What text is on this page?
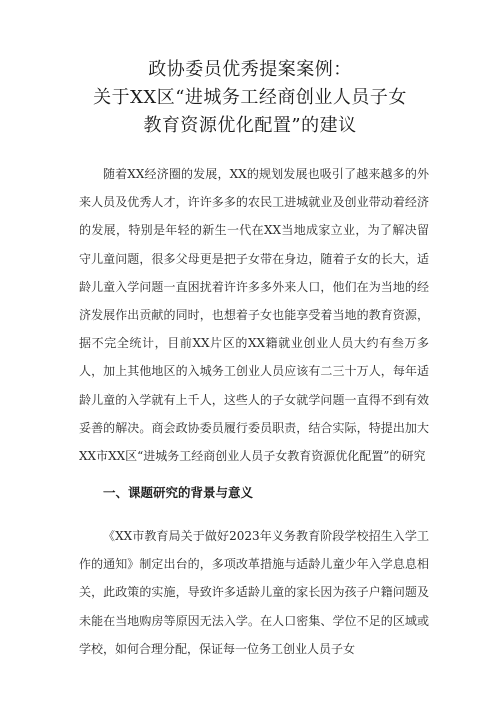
政协委员优秀提案案例：
关于XX区“进城务工经商创业人员子女
教育资源优化配置”的建议

随着XX经济圈的发展，XX的规划发展也吸引了越来越多的外来人员及优秀人才，许许多多的农民工进城就业及创业带动着经济的发展，特别是年轻的新生一代在XX当地成家立业，为了解决留守儿童问题，很多父母更是把子女带在身边，随着子女的长大，适龄儿童入学问题一直困扰着许许多多外来人口，他们在为当地的经济发展作出贡献的同时，也想着子女也能享受着当地的教育资源，据不完全统计，目前XX片区的XX籍就业创业人员大约有叁万多人，加上其他地区的入城务工创业人员应该有二三十万人，每年适龄儿童的入学就有上千人，这些人的子女就学问题一直得不到有效妥善的解决。商会政协委员履行委员职责，结合实际，特提出加大XX市XX区“进城务工经商创业人员子女教育资源优化配置”的研究

一、课题研究的背景与意义

《XX市教育局关于做好2023年义务教育阶段学校招生入学工作的通知》制定出台的，多项改革措施与适龄儿童少年入学息息相关，此政策的实施，导致许多适龄儿童的家长因为孩子户籍问题及未能在当地购房等原因无法入学。在人口密集、学位不足的区域或学校，如何合理分配，保证每一位务工创业人员子女
